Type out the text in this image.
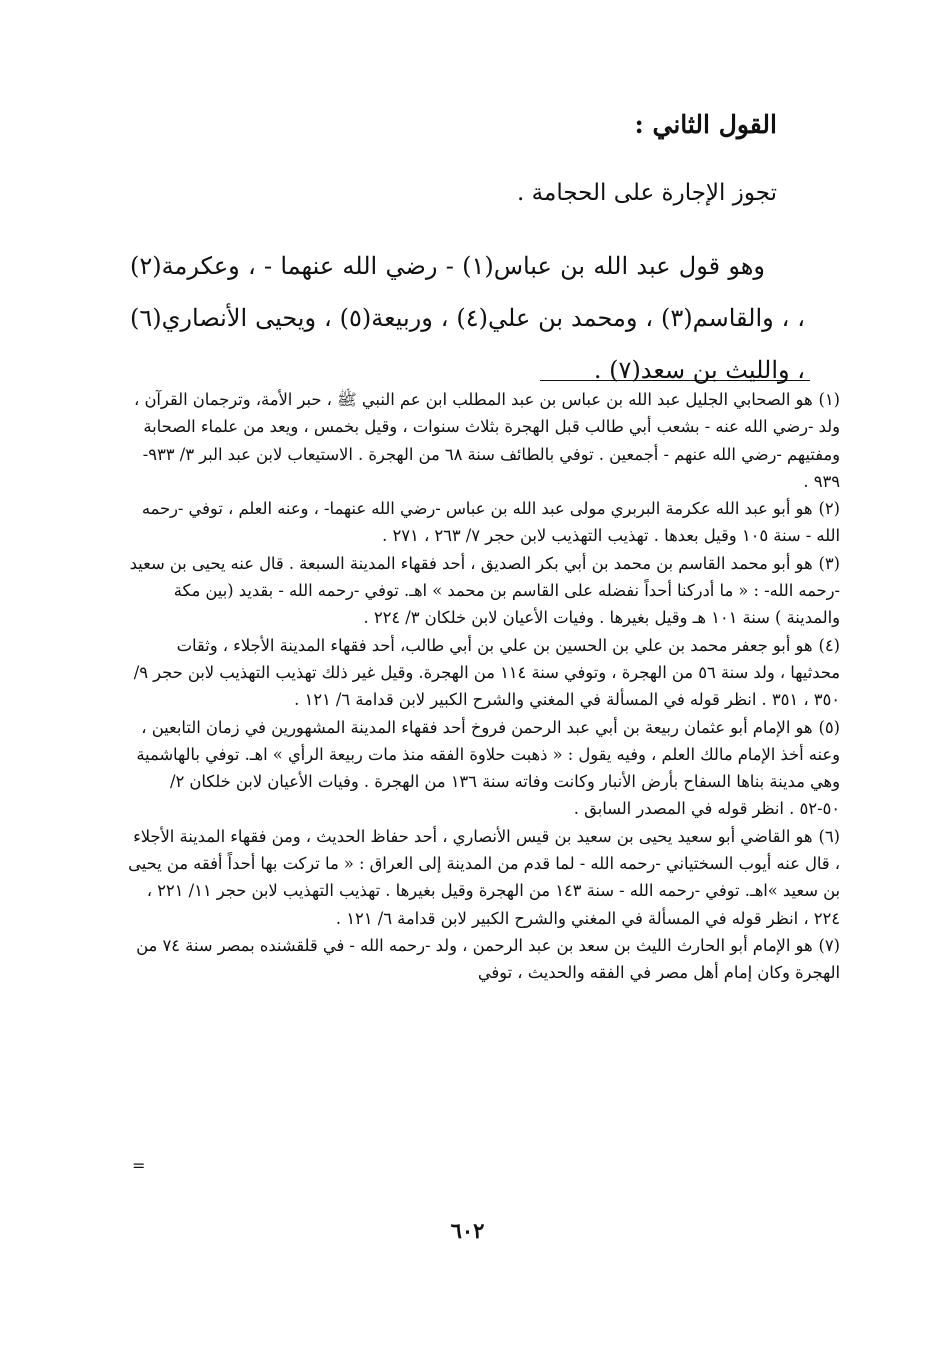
القول الثاني :
تجوز الإجارة على الحجامة .

وهو قول عبد الله بن عباس(١) - رضي الله عنهما - ، وعكرمة(٢) ، ، والقاسم(٣) ، ومحمد بن علي(٤) ، وربيعة(٥) ، ويحيى الأنصاري(٦) ، والليث بن سعد(٧) .

(١)هو الصحابي الجليل عبد الله بن عباس بن عبد المطلب ابن عم النبي ﷺ ، حبر الأمة، وترجمان القرآن ، ولد -رضي الله عنه - بشعب أبي طالب قبل الهجرة بثلاث سنوات ، وقيل بخمس ، ويعد من علماء الصحابة ومفتيهم -رضي الله عنهم - أجمعين . توفي بالطائف سنة ٦٨ من الهجرة . الاستيعاب لابن عبد البر ٣/ ٩٣٣- ٩٣٩ .

(٢)هو أبو عبد الله عكرمة البربري مولى عبد الله بن عباس -رضي الله عنهما- ، وعنه العلم ، توفي -رحمه الله - سنة ١٠٥ وقيل بعدها . تهذيب التهذيب لابن حجر ٧/ ٢٦٣ ، ٢٧١ .

(٣)هو أبو محمد القاسم بن محمد بن أبي بكر الصديق ، أحد فقهاء المدينة السبعة . قال عنه يحيى بن سعيد -رحمه الله- : « ما أدركنا أحداً نفضله على القاسم بن محمد » اهـ. توفي -رحمه الله - بقديد (بين مكة والمدينة ) سنة ١٠١ هـ وقيل بغيرها . وفيات الأعيان لابن خلكان ٣/ ٢٢٤ .

(٤)هو أبو جعفر محمد بن علي بن الحسين بن علي بن أبي طالب، أحد فقهاء المدينة الأجلاء ، وثقات محدثيها ، ولد سنة ٥٦ من الهجرة ، وتوفي سنة ١١٤ من الهجرة. وقيل غير ذلك تهذيب التهذيب لابن حجر ٩/ ٣٥٠ ، ٣٥١ . انظر قوله في المسألة في المغني والشرح الكبير لابن قدامة ٦/ ١٢١ .

(٥)هو الإمام أبو عثمان ربيعة بن أبي عبد الرحمن فروخ أحد فقهاء المدينة المشهورين في زمان التابعين ، وعنه أخذ الإمام مالك العلم ، وفيه يقول : « ذهبت حلاوة الفقه منذ مات ربيعة الرأي » اهـ. توفي بالهاشمية وهي مدينة بناها السفاح بأرض الأنبار وكانت وفاته سنة ١٣٦ من الهجرة . وفيات الأعيان لابن خلكان ٢/ ٥٠-٥٢ . انظر قوله في المصدر السابق .

(٦)هو القاضي أبو سعيد يحيى بن سعيد بن قيس الأنصاري ، أحد حفاظ الحديث ، ومن فقهاء المدينة الأجلاء ، قال عنه أيوب السختياني -رحمه الله - لما قدم من المدينة إلى العراق : « ما تركت بها أحداً أفقه من يحيى بن سعيد »اهـ. توفي -رحمه الله - سنة ١٤٣ من الهجرة وقيل بغيرها . تهذيب التهذيب لابن حجر ١١/ ٢٢١ ، ٢٢٤ ، انظر قوله في المسألة في المغني والشرح الكبير لابن قدامة ٦/ ١٢١ .

(٧)هو الإمام أبو الحارث الليث بن سعد بن عبد الرحمن ، ولد -رحمه الله - في قلقشنده بمصر سنة ٧٤ من الهجرة وكان إمام أهل مصر في الفقه والحديث ، توفي

=
٦٠٢
